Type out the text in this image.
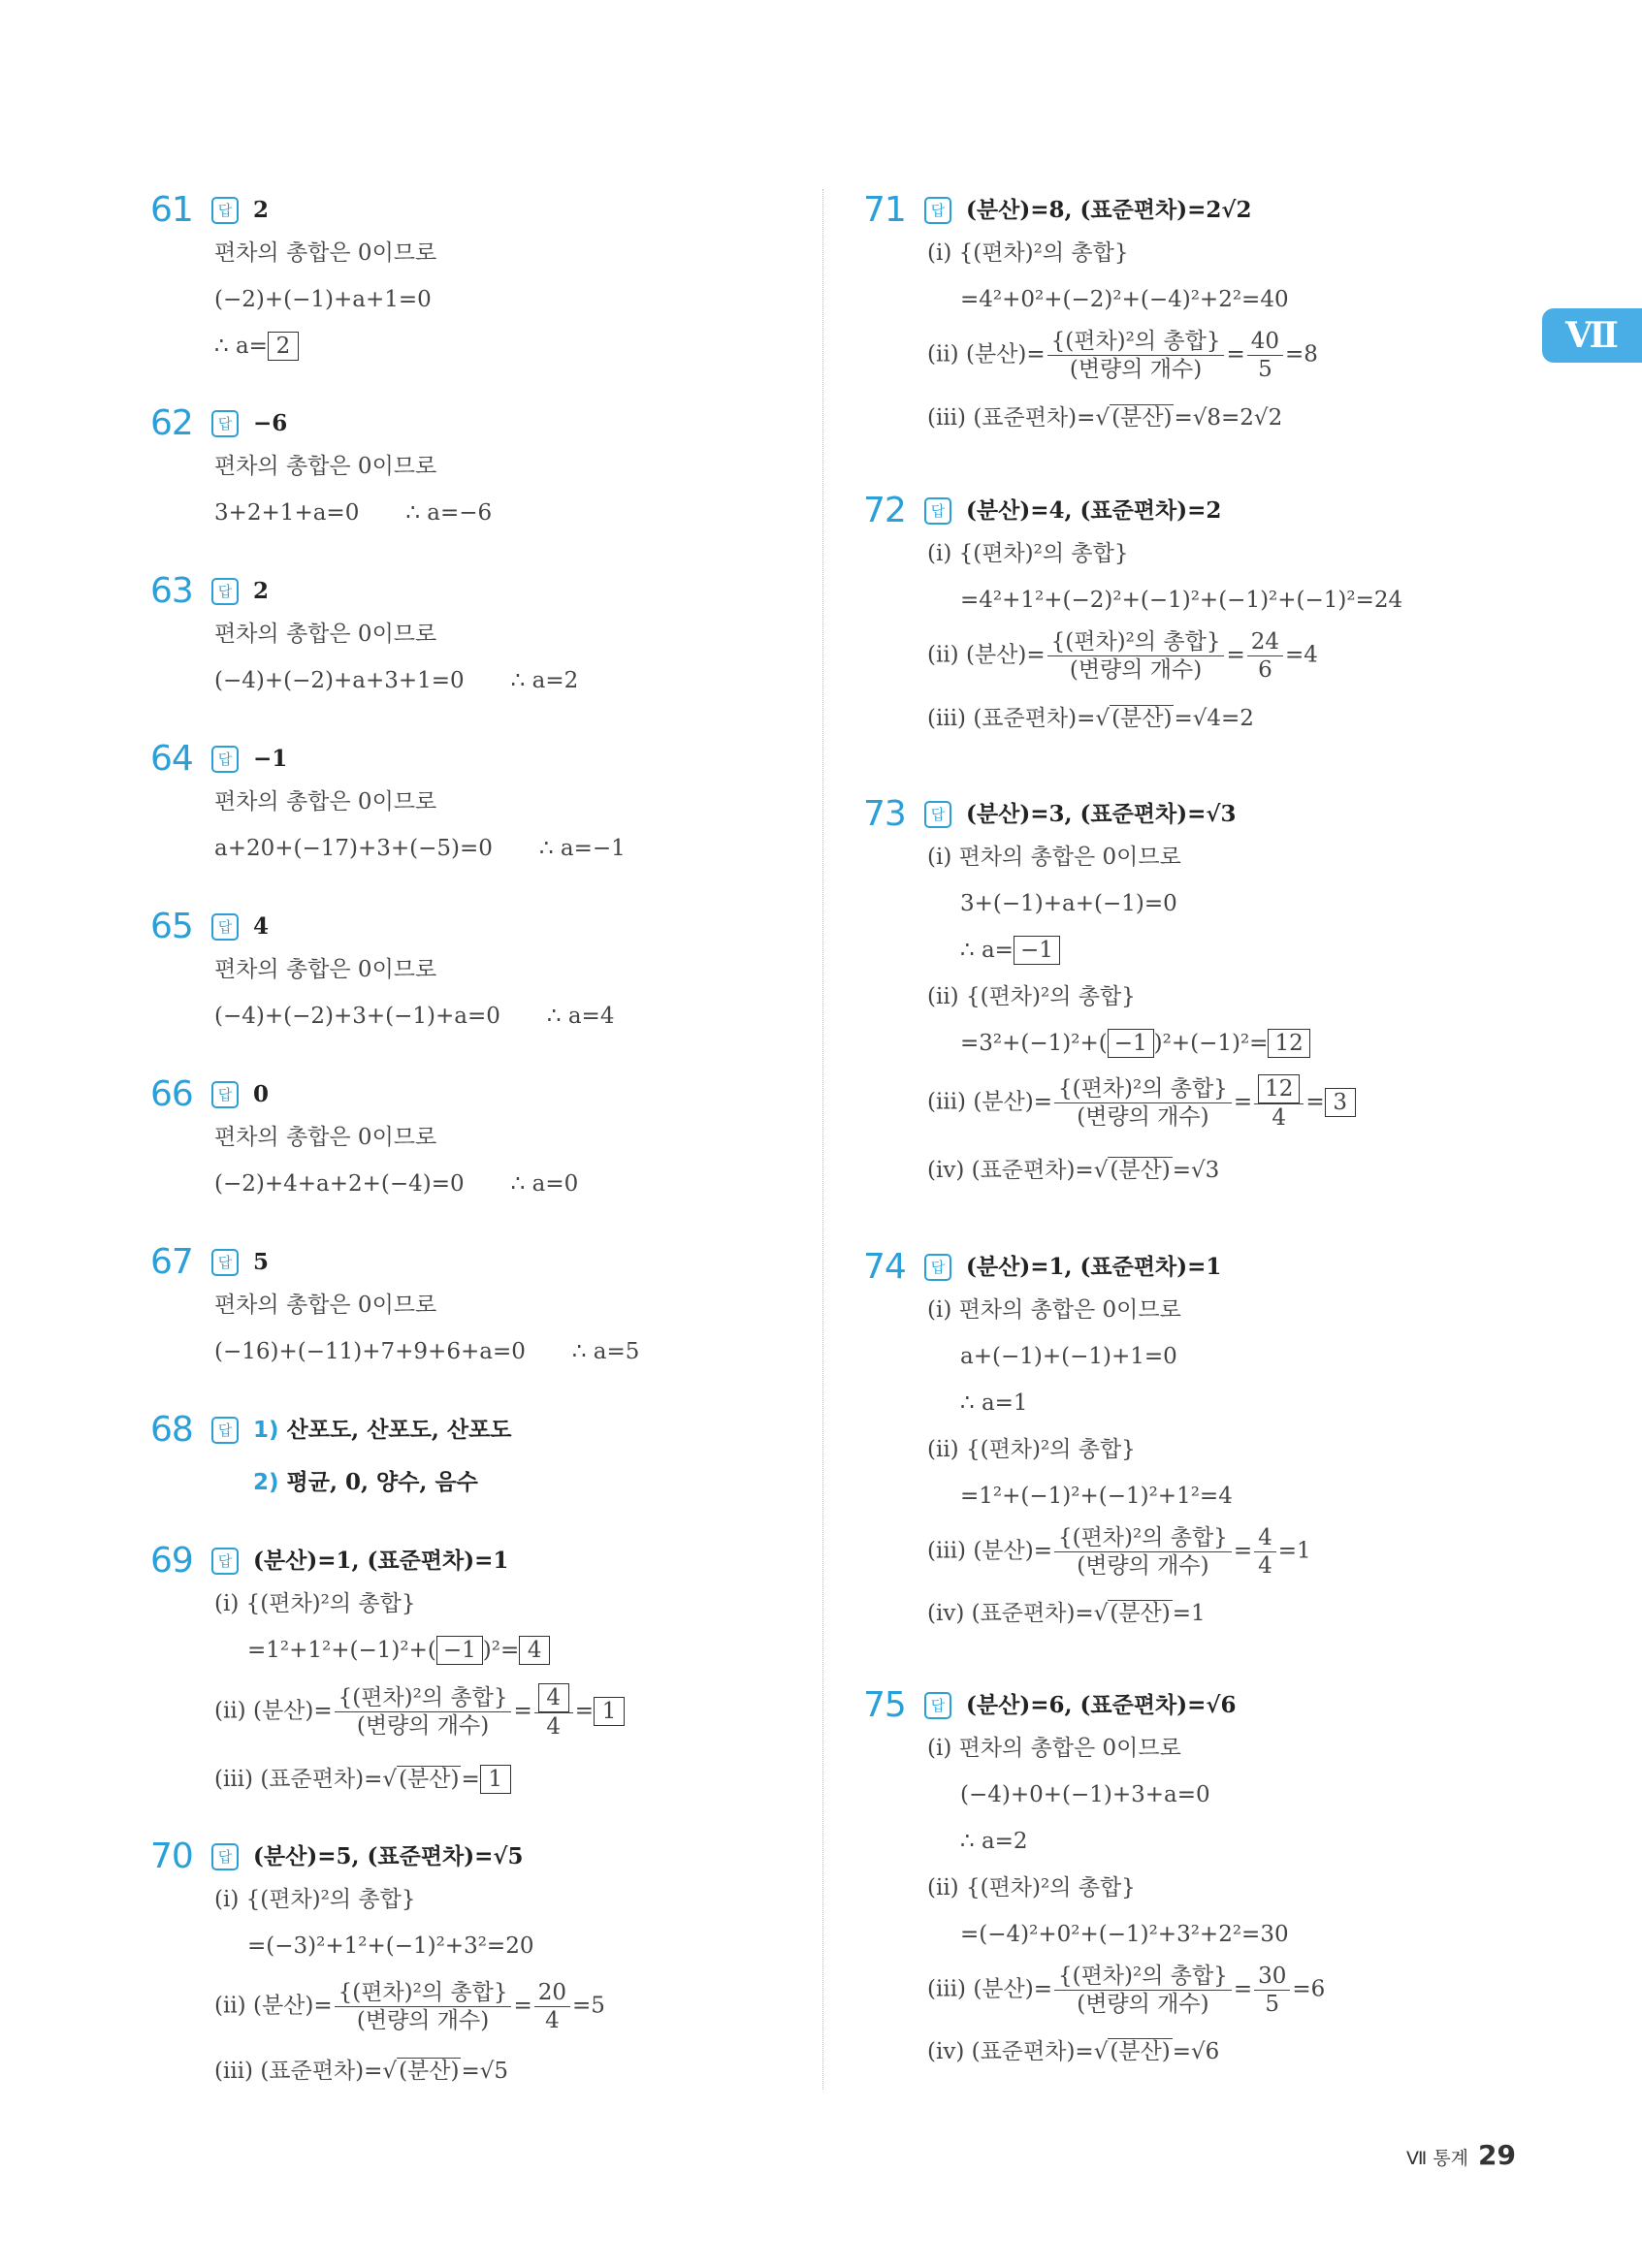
Ⅶ
61	답 2
편차의 총합은 0이므로
(−2)+(−1)+a+1=0
∴ a= 2
62	답 −6
편차의 총합은 0이므로
3+2+1+a=0 ∴ a=−6
63	답 2
편차의 총합은 0이므로
(−4)+(−2)+a+3+1=0 ∴ a=2
64	답 −1
편차의 총합은 0이므로
a+20+(−17)+3+(−5)=0 ∴ a=−1
65	답 4
편차의 총합은 0이므로
(−4)+(−2)+3+(−1)+a=0 ∴ a=4
66	답 0
편차의 총합은 0이므로
(−2)+4+a+2+(−4)=0 ∴ a=0
67	답 5
편차의 총합은 0이므로
(−16)+(−11)+7+9+6+a=0 ∴ a=5
68	답 1) 산포도, 산포도, 산포도
2) 평균, 0, 양수, 음수
69	답 (분산)=1, (표준편차)=1
(ⅰ) {(편차)²의 총합}
=1²+1²+(−1)²+( −1 )²= 4
(ⅱ) (분산)= $\frac{\text{\{(편차)²의 총합\}}}{\text{(변량의 개수)}} = \frac{4}{4} = 1$
(ⅲ) (표준편차)=√(분산)= 1
70	답 (분산)=5, (표준편차)=√5
(ⅰ) {(편차)²의 총합}
=(−3)²+1²+(−1)²+3²=20
(ⅱ) (분산)= $\frac{\text{\{(편차)²의 총합\}}}{\text{(변량의 개수)}} = \frac{20}{4} =5$
(ⅲ) (표준편차)=√(분산)=√5
71	답 (분산)=8, (표준편차)=2√2
(ⅰ) {(편차)²의 총합}
=4²+0²+(−2)²+(−4)²+2²=40
(ⅱ) (분산)= $\frac{\text{\{(편차)²의 총합\}}}{\text{(변량의 개수)}} = \frac{40}{5} =8$
(ⅲ) (표준편차)=√(분산)=√8=2√2
72	답 (분산)=4, (표준편차)=2
(ⅰ) {(편차)²의 총합}
=4²+1²+(−2)²+(−1)²+(−1)²+(−1)²=24
(ⅱ) (분산)= $\frac{\text{\{(편차)²의 총합\}}}{\text{(변량의 개수)}} = \frac{24}{6} =4$
(ⅲ) (표준편차)=√(분산)=√4=2
73	답 (분산)=3, (표준편차)=√3
(ⅰ) 편차의 총합은 0이므로
3+(−1)+a+(−1)=0
∴ a= −1
(ⅱ) {(편차)²의 총합}
=3²+(−1)²+( −1 )²+(−1)²= 12
(ⅲ) (분산)= $\frac{\text{\{(편차)²의 총합\}}}{\text{(변량의 개수)}} = \frac{12}{4} = 3$
(ⅳ) (표준편차)=√(분산)=√3
74	답 (분산)=1, (표준편차)=1
(ⅰ) 편차의 총합은 0이므로
a+(−1)+(−1)+1=0
∴ a=1
(ⅱ) {(편차)²의 총합}
=1²+(−1)²+(−1)²+1²=4
(ⅲ) (분산)= $\frac{\text{\{(편차)²의 총합\}}}{\text{(변량의 개수)}} = \frac{4}{4} =1$
(ⅳ) (표준편차)=√(분산)=1
75	답 (분산)=6, (표준편차)=√6
(ⅰ) 편차의 총합은 0이므로
(−4)+0+(−1)+3+a=0
∴ a=2
(ⅱ) {(편차)²의 총합}
=(−4)²+0²+(−1)²+3²+2²=30
(ⅲ) (분산)= $\frac{\text{\{(편차)²의 총합\}}}{\text{(변량의 개수)}} = \frac{30}{5} =6$
(ⅳ) (표준편차)=√(분산)=√6
Ⅶ 통계 29
